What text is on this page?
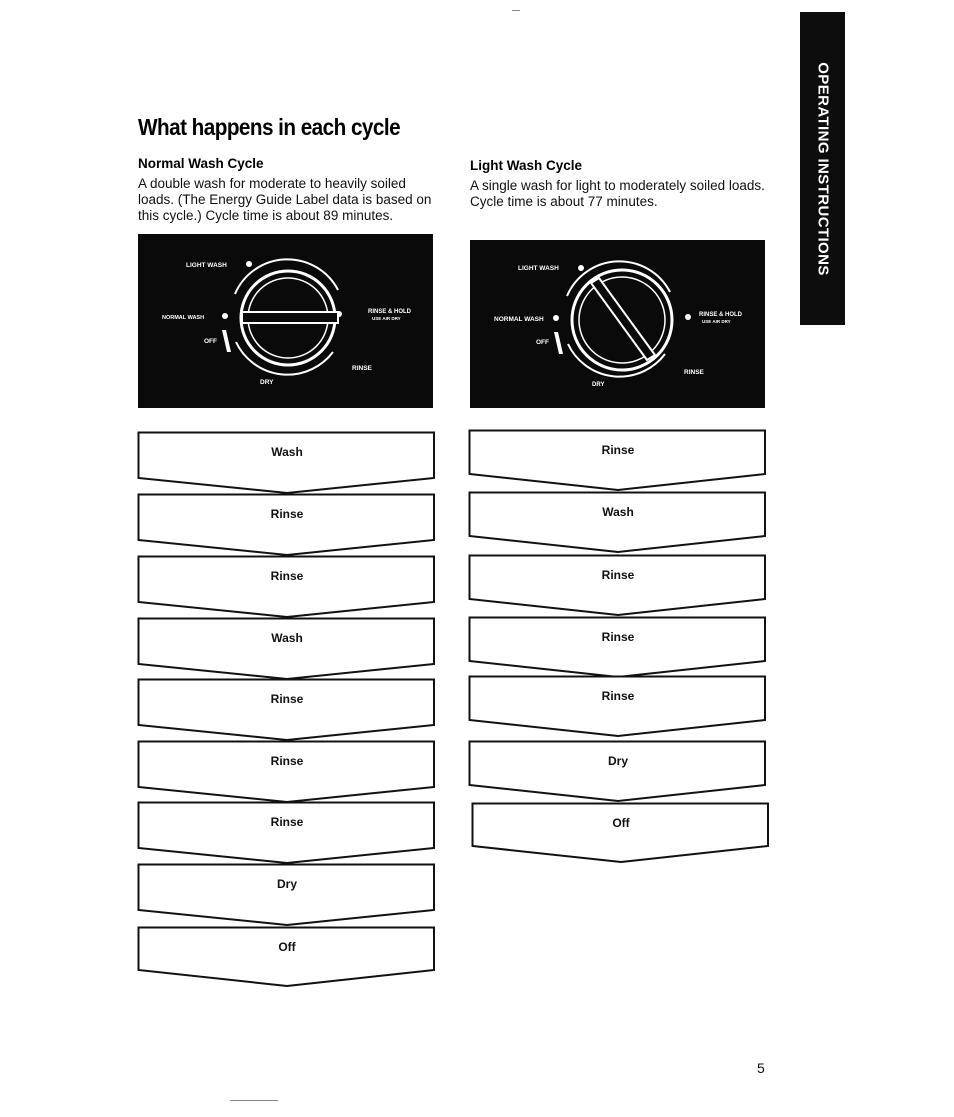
What happens in each cycle	OPERATING INSTRUCTIONS
Normal Wash Cycle
A double wash for moderate to heavily soiled
loads. (The Energy Guide Label data is based on
this cycle.) Cycle time is about 89 minutes.
Light Wash Cycle
A single wash for light to moderately soiled loads.
Cycle time is about 77 minutes.
LIGHT WASH
NORMAL WASH
OFF
RINSE & HOLD
USE AIR DRY
RINSE
DRY
LIGHT WASH
NORMAL WASH
OFF
RINSE & HOLD
USE AIR DRY
RINSE
DRY
Wash
Rinse
Rinse
Wash
Rinse
Rinse
Rinse
Dry
Off
Rinse
Wash
Rinse
Rinse
Rinse
Dry
Off
5
